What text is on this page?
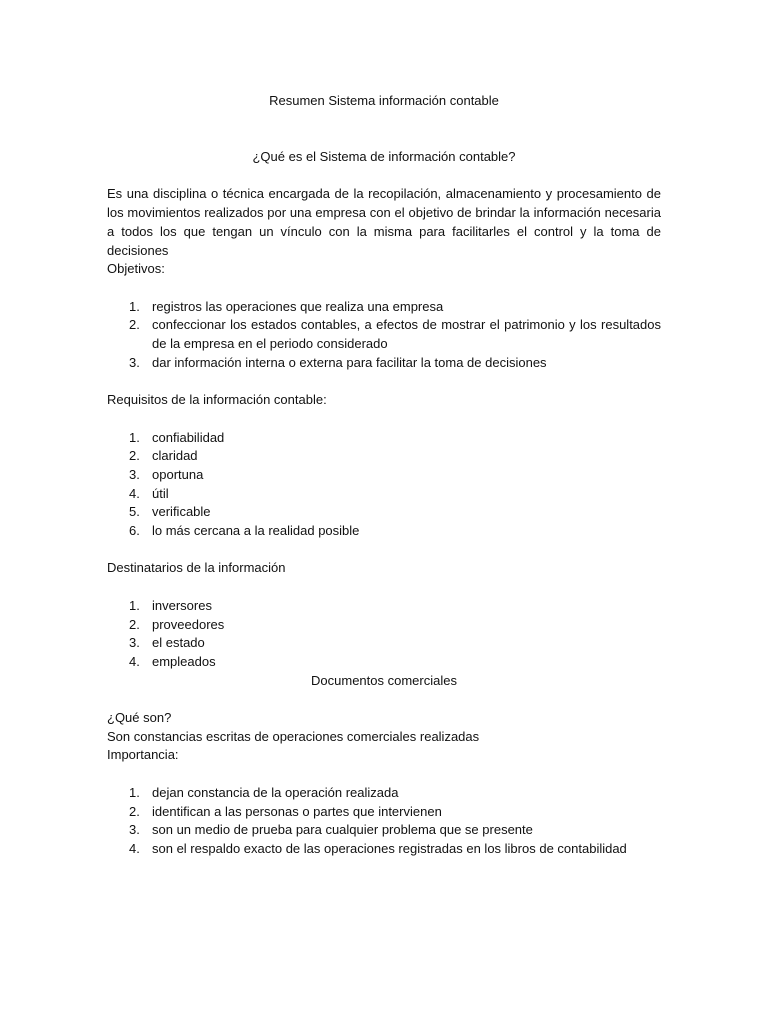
Resumen Sistema información contable
¿Qué es el Sistema de información contable?

Es una disciplina o técnica encargada de la recopilación, almacenamiento y procesamiento de los movimientos realizados por una empresa con el objetivo de brindar la información necesaria a todos los que tengan un vínculo con la misma para facilitarles el control y la toma de decisiones

Objetivos:
1. registros las operaciones que realiza una empresa
2. confeccionar los estados contables, a efectos de mostrar el patrimonio y los resultados de la empresa en el periodo considerado
3. dar información interna o externa para facilitar la toma de decisiones
Requisitos de la información contable:
1. confiabilidad
2. claridad
3. oportuna
4. útil
5. verificable
6. lo más cercana a la realidad posible
Destinatarios de la información
1. inversores
2. proveedores
3. el estado
4. empleados
Documentos comerciales
¿Qué son?
Son constancias escritas de operaciones comerciales realizadas
Importancia:
1. dejan constancia de la operación realizada
2. identifican a las personas o partes que intervienen
3. son un medio de prueba para cualquier problema que se presente
4. son el respaldo exacto de las operaciones registradas en los libros de contabilidad
